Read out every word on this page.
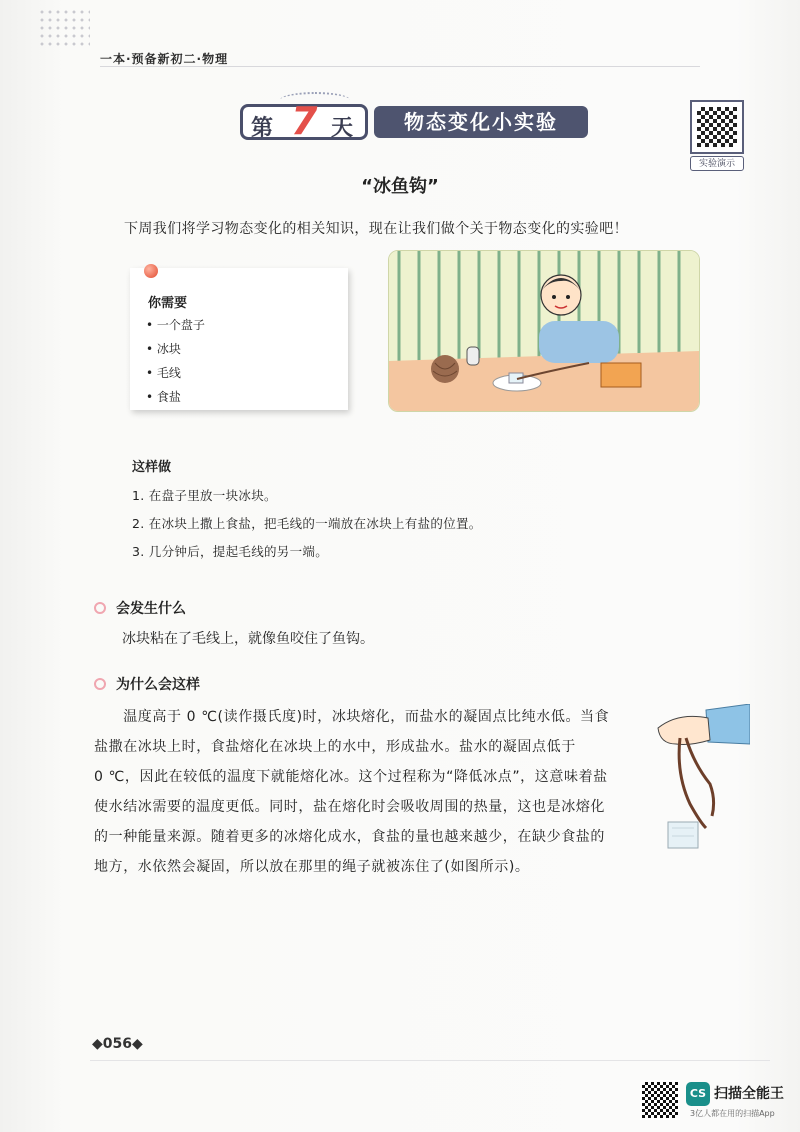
一本·预备新初二·物理
第 7 天	物态变化小实验
实验演示
“冰鱼钩”
下周我们将学习物态变化的相关知识，现在让我们做个关于物态变化的实验吧！
你需要
• 一个盘子
• 冰块
• 毛线
• 食盐
这样做
1. 在盘子里放一块冰块。
2. 在冰块上撒上食盐，把毛线的一端放在冰块上有盐的位置。
3. 几分钟后，提起毛线的另一端。
会发生什么
冰块粘在了毛线上，就像鱼咬住了鱼钩。
为什么会这样
　　温度高于 0 ℃(读作摄氏度)时，冰块熔化，而盐水的凝固点比纯水低。当食
盐撒在冰块上时，食盐熔化在冰块上的水中，形成盐水。盐水的凝固点低于
0 ℃，因此在较低的温度下就能熔化冰。这个过程称为“降低冰点”，这意味着盐
使水结冰需要的温度更低。同时，盐在熔化时会吸收周围的热量，这也是冰熔化
的一种能量来源。随着更多的冰熔化成水，食盐的量也越来越少，在缺少食盐的
地方，水依然会凝固，所以放在那里的绳子就被冻住了(如图所示)。
◆056◆
CS 扫描全能王
3亿人都在用的扫描App
